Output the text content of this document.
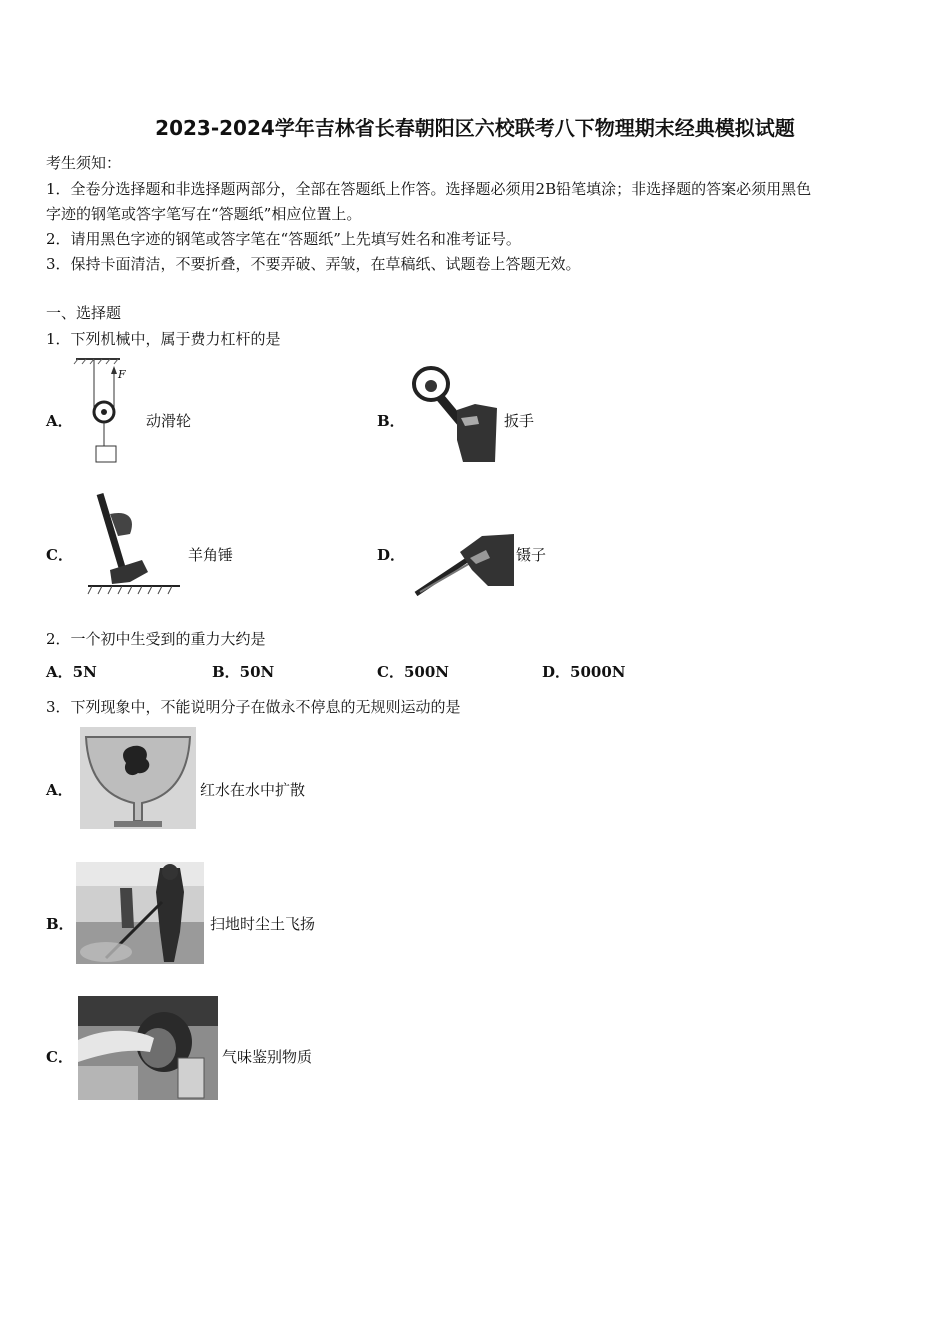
2023-2024学年吉林省长春朝阳区六校联考八下物理期末经典模拟试题
考生须知：
1．全卷分选择题和非选择题两部分，全部在答题纸上作答。选择题必须用2B铅笔填涂；非选择题的答案必须用黑色
字迹的钢笔或答字笔写在“答题纸”相应位置上。
2．请用黑色字迹的钢笔或答字笔在“答题纸”上先填写姓名和准考证号。
3．保持卡面清洁，不要折叠，不要弄破、弄皱，在草稿纸、试题卷上答题无效。
一、选择题
1．下列机械中，属于费力杠杆的是
A．
F
动滑轮	B．	扳手
C．	羊角锤	D．	镊子
2．一个初中生受到的重力大约是
A．5N	B．50N	C．500N	D．5000N
3．下列现象中，不能说明分子在做永不停息的无规则运动的是
A．	红水在水中扩散
B．	扫地时尘土飞扬
C．	气味鉴别物质
